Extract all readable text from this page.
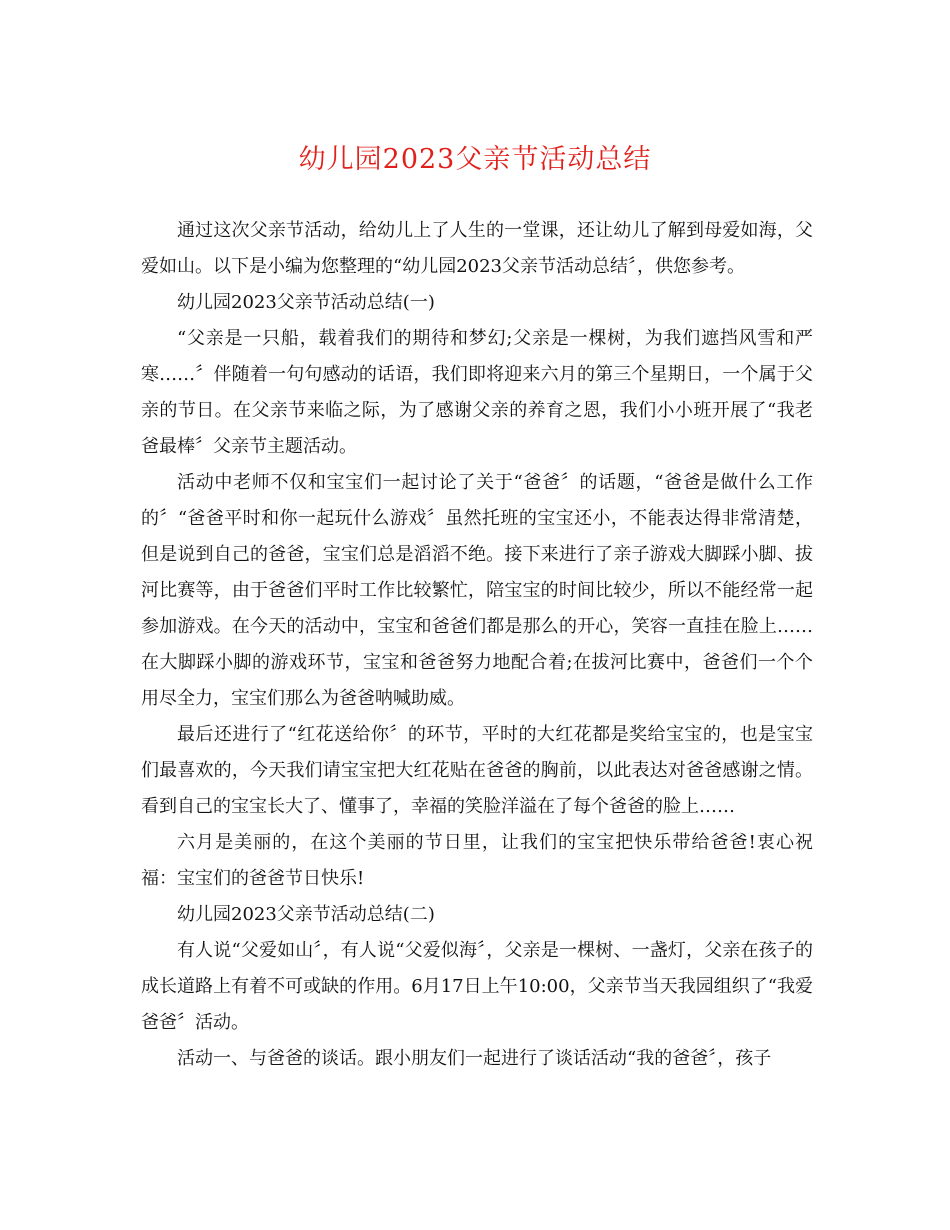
幼儿园2023父亲节活动总结

通过这次父亲节活动，给幼儿上了人生的一堂课，还让幼儿了解到母爱如海，父爱如山。以下是小编为您整理的“幼儿园2023父亲节活动总结〞，供您参考。

幼儿园2023父亲节活动总结(一)

“父亲是一只船，载着我们的期待和梦幻;父亲是一棵树，为我们遮挡风雪和严寒……〞伴随着一句句感动的话语，我们即将迎来六月的第三个星期日，一个属于父亲的节日。在父亲节来临之际，为了感谢父亲的养育之恩，我们小小班开展了“我老爸最棒〞父亲节主题活动。

活动中老师不仅和宝宝们一起讨论了关于“爸爸〞的话题，“爸爸是做什么工作的〞“爸爸平时和你一起玩什么游戏〞虽然托班的宝宝还小，不能表达得非常清楚，但是说到自己的爸爸，宝宝们总是滔滔不绝。接下来进行了亲子游戏大脚踩小脚、拔河比赛等，由于爸爸们平时工作比较繁忙，陪宝宝的时间比较少，所以不能经常一起参加游戏。在今天的活动中，宝宝和爸爸们都是那么的开心，笑容一直挂在脸上……在大脚踩小脚的游戏环节，宝宝和爸爸努力地配合着;在拔河比赛中，爸爸们一个个用尽全力，宝宝们那么为爸爸呐喊助威。

最后还进行了“红花送给你〞的环节，平时的大红花都是奖给宝宝的，也是宝宝们最喜欢的，今天我们请宝宝把大红花贴在爸爸的胸前，以此表达对爸爸感谢之情。看到自己的宝宝长大了、懂事了，幸福的笑脸洋溢在了每个爸爸的脸上……

六月是美丽的，在这个美丽的节日里，让我们的宝宝把快乐带给爸爸!衷心祝福：宝宝们的爸爸节日快乐!

幼儿园2023父亲节活动总结(二)

有人说“父爱如山〞，有人说“父爱似海〞，父亲是一棵树、一盏灯，父亲在孩子的成长道路上有着不可或缺的作用。6月17日上午10:00，父亲节当天我园组织了“我爱爸爸〞活动。

活动一、与爸爸的谈话。跟小朋友们一起进行了谈话活动“我的爸爸〞，孩子
